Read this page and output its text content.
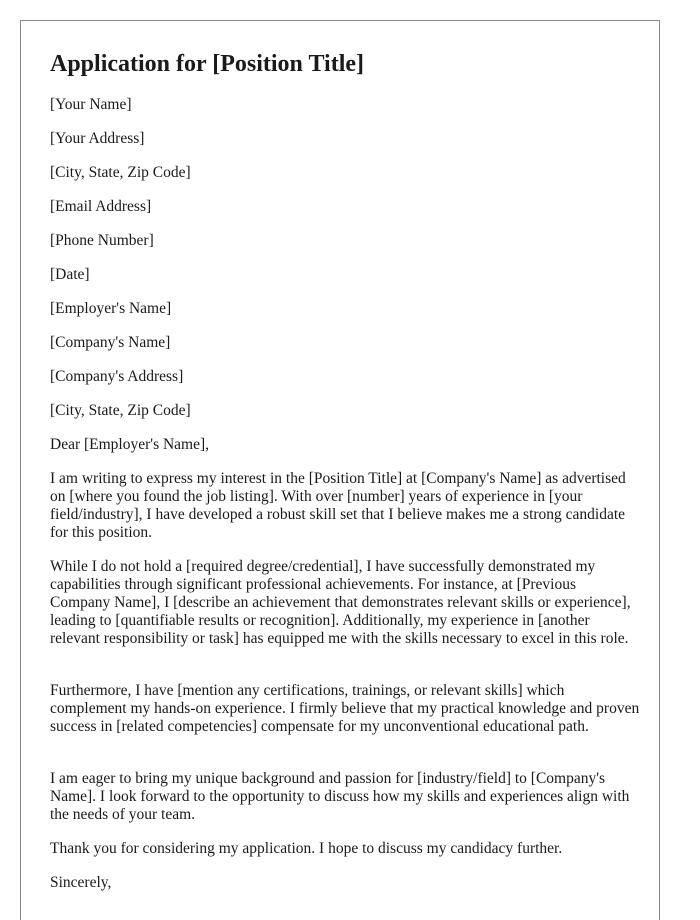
Application for [Position Title]

[Your Name]

[Your Address]

[City, State, Zip Code]

[Email Address]

[Phone Number]

[Date]

[Employer's Name]

[Company's Name]

[Company's Address]

[City, State, Zip Code]

Dear [Employer's Name],

I am writing to express my interest in the [Position Title] at [Company's Name] as advertised on [where you found the job listing]. With over [number] years of experience in [your field/industry], I have developed a robust skill set that I believe makes me a strong candidate for this position.

While I do not hold a [required degree/credential], I have successfully demonstrated my capabilities through significant professional achievements. For instance, at [Previous Company Name], I [describe an achievement that demonstrates relevant skills or experience], leading to [quantifiable results or recognition]. Additionally, my experience in [another relevant responsibility or task] has equipped me with the skills necessary to excel in this role.

Furthermore, I have [mention any certifications, trainings, or relevant skills] which complement my hands-on experience. I firmly believe that my practical knowledge and proven success in [related competencies] compensate for my unconventional educational path.

I am eager to bring my unique background and passion for [industry/field] to [Company's Name]. I look forward to the opportunity to discuss how my skills and experiences align with the needs of your team.

Thank you for considering my application. I hope to discuss my candidacy further.

Sincerely,
